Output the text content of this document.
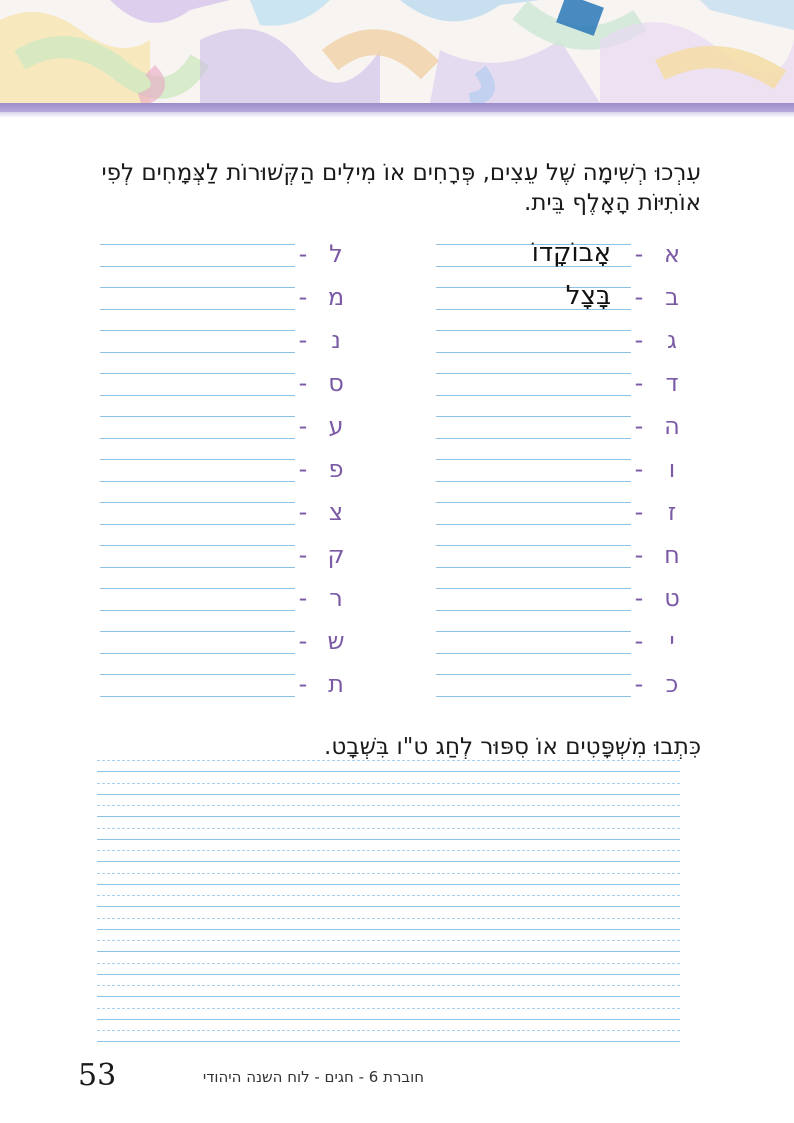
עִרְכוּ רְשִׁימָה שֶׁל עֵצִים, פְּרָחִים אוֹ מִילִים הַקְּשׁוּרוֹת לַצְּמָחִים לְפִי אוֹתִיּוֹת הָאָלֶף בֵּית.
א
-
אָבוֹקָדוֹ
ב
-
בָּצָל
ג
-
ד
-
ה
-
ו
-
ז
-
ח
-
ט
-
י
-
כ
-
ל
-
מ
-
נ
-
ס
-
ע
-
פ
-
צ
-
ק
-
ר
-
ש
-
ת
-
כִּתְבוּ מִשְׁפָּטִים אוֹ סִפּוּר לְחַג ט"ו בִּשְׁבָט.
53	חוברת 6 - חגים - לוח השנה היהודי
